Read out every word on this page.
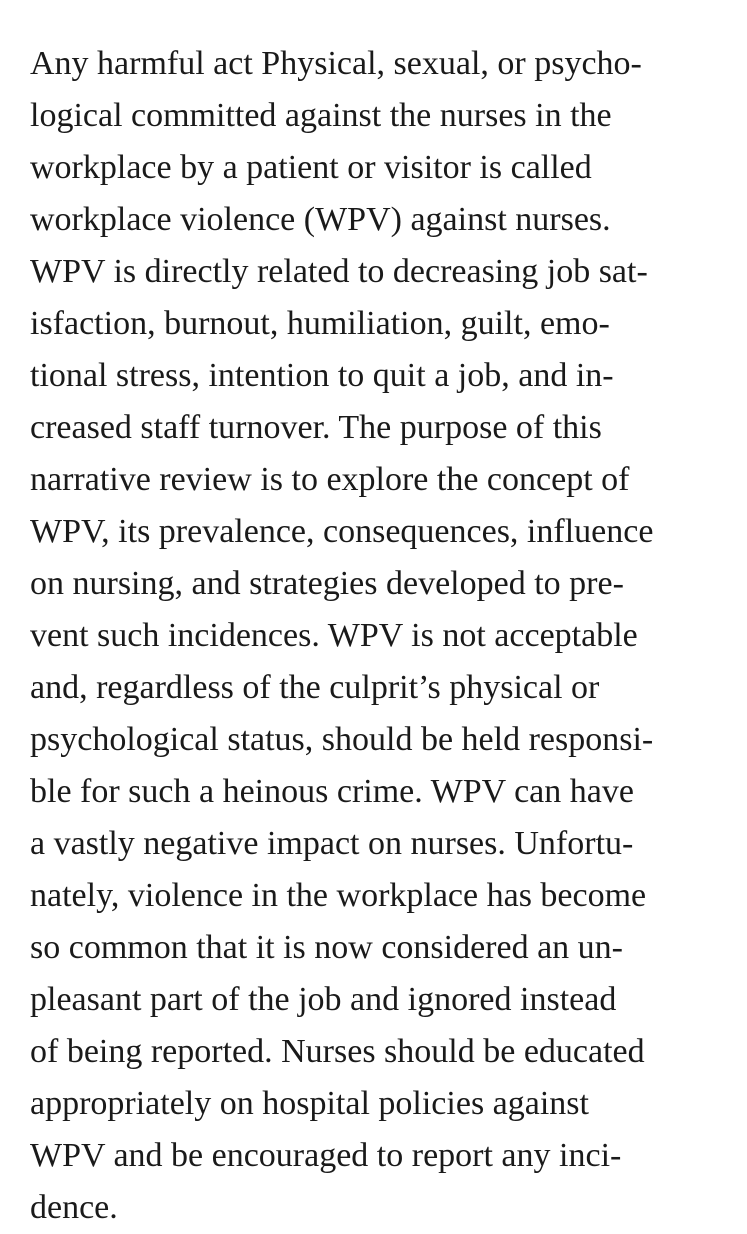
Any harmful act Physical, sexual, or psycho-
logical committed against the nurses in the
workplace by a patient or visitor is called
workplace violence (WPV) against nurses.
WPV is directly related to decreasing job sat-
isfaction, burnout, humiliation, guilt, emo-
tional stress, intention to quit a job, and in-
creased staff turnover. The purpose of this
narrative review is to explore the concept of
WPV, its prevalence, consequences, influence
on nursing, and strategies developed to pre-
vent such incidences. WPV is not acceptable
and, regardless of the culprit’s physical or
psychological status, should be held responsi-
ble for such a heinous crime. WPV can have
a vastly negative impact on nurses. Unfortu-
nately, violence in the workplace has become
so common that it is now considered an un-
pleasant part of the job and ignored instead
of being reported. Nurses should be educated
appropriately on hospital policies against
WPV and be encouraged to report any inci-
dence.
